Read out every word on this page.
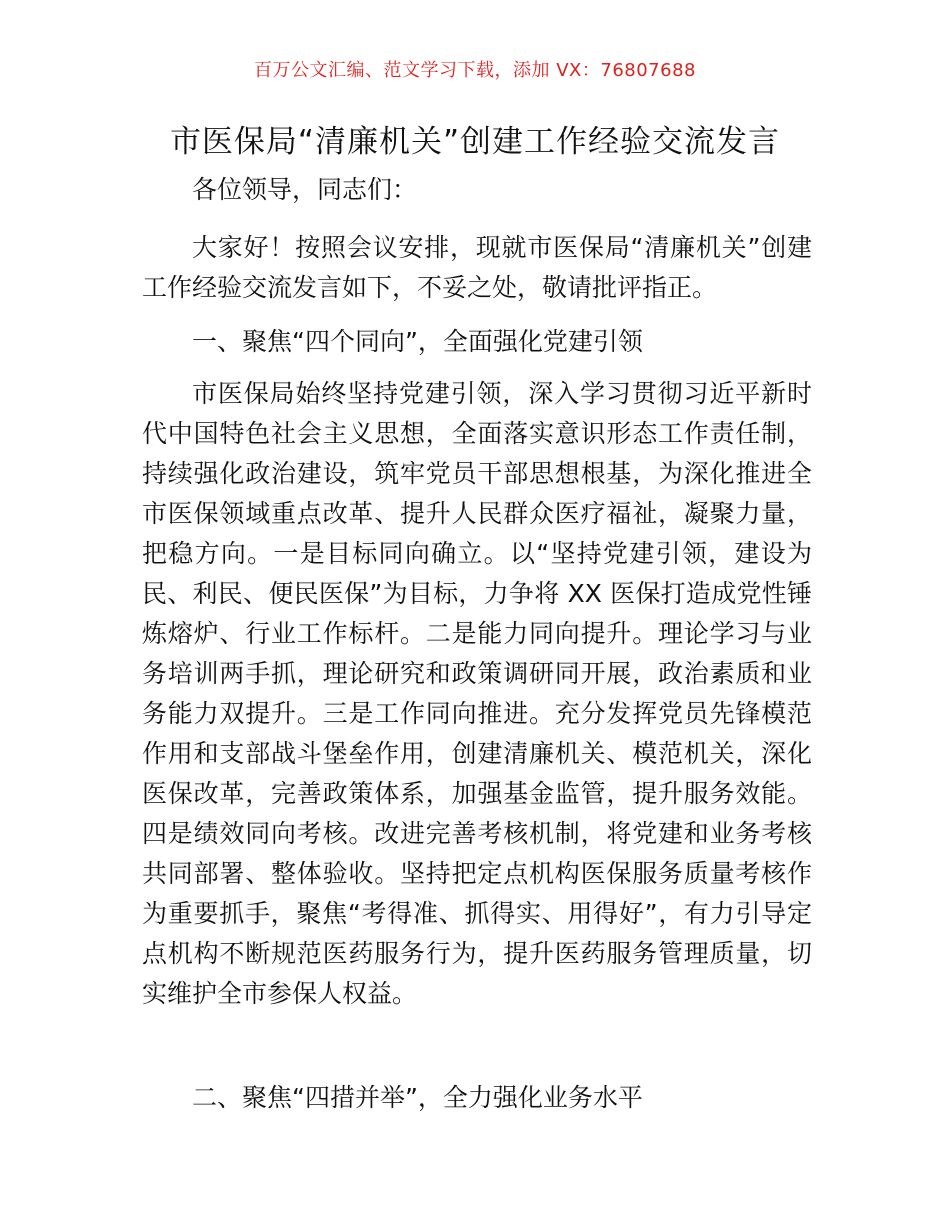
百万公文汇编、范文学习下载，添加 VX：76807688
市医保局“清廉机关”创建工作经验交流发言

各位领导，同志们：

大家好！按照会议安排，现就市医保局“清廉机关”创建工作经验交流发言如下，不妥之处，敬请批评指正。

一、聚焦“四个同向”，全面强化党建引领

市医保局始终坚持党建引领，深入学习贯彻习近平新时代中国特色社会主义思想，全面落实意识形态工作责任制，持续强化政治建设，筑牢党员干部思想根基，为深化推进全市医保领域重点改革、提升人民群众医疗福祉，凝聚力量，把稳方向。一是目标同向确立。以“坚持党建引领，建设为民、利民、便民医保”为目标，力争将 XX 医保打造成党性锤炼熔炉、行业工作标杆。二是能力同向提升。理论学习与业务培训两手抓，理论研究和政策调研同开展，政治素质和业务能力双提升。三是工作同向推进。充分发挥党员先锋模范作用和支部战斗堡垒作用，创建清廉机关、模范机关，深化医保改革，完善政策体系，加强基金监管，提升服务效能。四是绩效同向考核。改进完善考核机制，将党建和业务考核共同部署、整体验收。坚持把定点机构医保服务质量考核作为重要抓手，聚焦“考得准、抓得实、用得好”，有力引导定点机构不断规范医药服务行为，提升医药服务管理质量，切实维护全市参保人权益。

二、聚焦“四措并举”，全力强化业务水平
